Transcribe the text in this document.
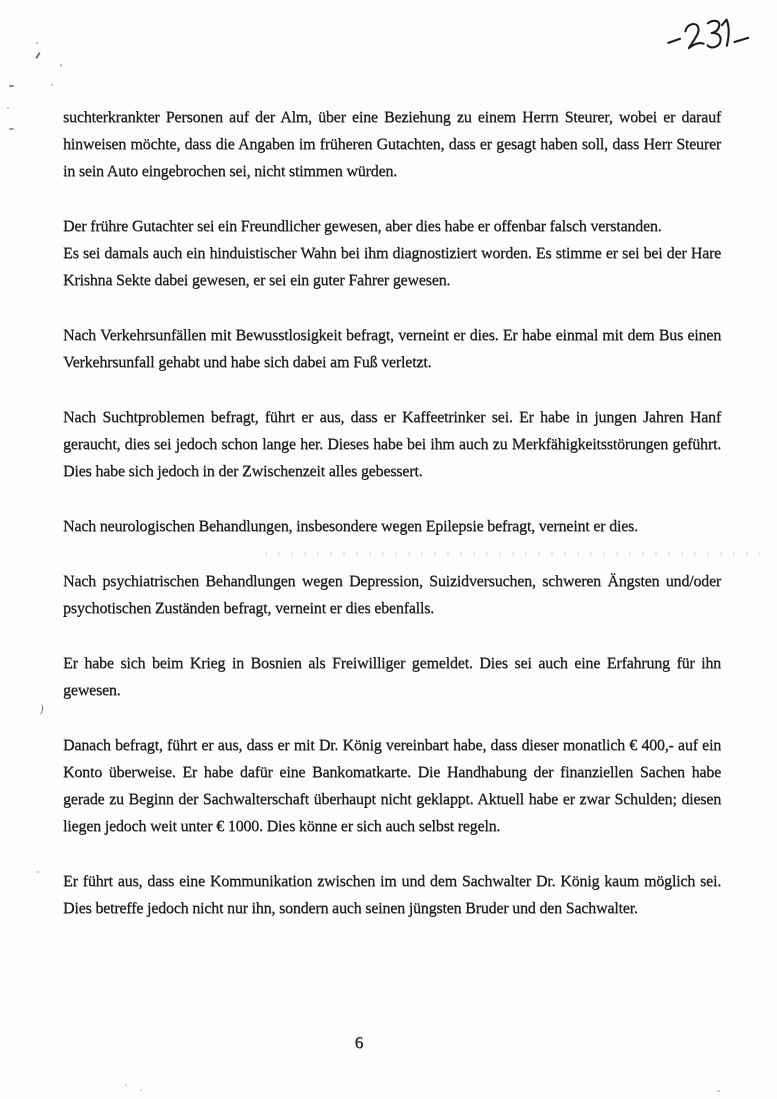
suchterkrankter Personen auf der Alm, über eine Beziehung zu einem Herrn Steurer, wobei er darauf hinweisen möchte, dass die Angaben im früheren Gutachten, dass er gesagt haben soll, dass Herr Steurer in sein Auto eingebrochen sei, nicht stimmen würden.

Der frühre Gutachter sei ein Freundlicher gewesen, aber dies habe er offenbar falsch verstanden.

Es sei damals auch ein hinduistischer Wahn bei ihm diagnostiziert worden. Es stimme er sei bei der Hare Krishna Sekte dabei gewesen, er sei ein guter Fahrer gewesen.

Nach Verkehrsunfällen mit Bewusstlosigkeit befragt, verneint er dies. Er habe einmal mit dem Bus einen Verkehrsunfall gehabt und habe sich dabei am Fuß verletzt.

Nach Suchtproblemen befragt, führt er aus, dass er Kaffeetrinker sei. Er habe in jungen Jahren Hanf geraucht, dies sei jedoch schon lange her. Dieses habe bei ihm auch zu Merkfähigkeitsstörungen geführt. Dies habe sich jedoch in der Zwischenzeit alles gebessert.

Nach neurologischen Behandlungen, insbesondere wegen Epilepsie befragt, verneint er dies.

Nach psychiatrischen Behandlungen wegen Depression, Suizidversuchen, schweren Ängsten und/oder psychotischen Zuständen befragt, verneint er dies ebenfalls.

Er habe sich beim Krieg in Bosnien als Freiwilliger gemeldet. Dies sei auch eine Erfahrung für ihn gewesen.

Danach befragt, führt er aus, dass er mit Dr. König vereinbart habe, dass dieser monatlich € 400,- auf ein Konto überweise. Er habe dafür eine Bankomatkarte. Die Handhabung der finanziellen Sachen habe gerade zu Beginn der Sachwalterschaft überhaupt nicht geklappt. Aktuell habe er zwar Schulden; diesen liegen jedoch weit unter € 1000. Dies könne er sich auch selbst regeln.

Er führt aus, dass eine Kommunikation zwischen im und dem Sachwalter Dr. König kaum möglich sei. Dies betreffe jedoch nicht nur ihn, sondern auch seinen jüngsten Bruder und den Sachwalter.

6
